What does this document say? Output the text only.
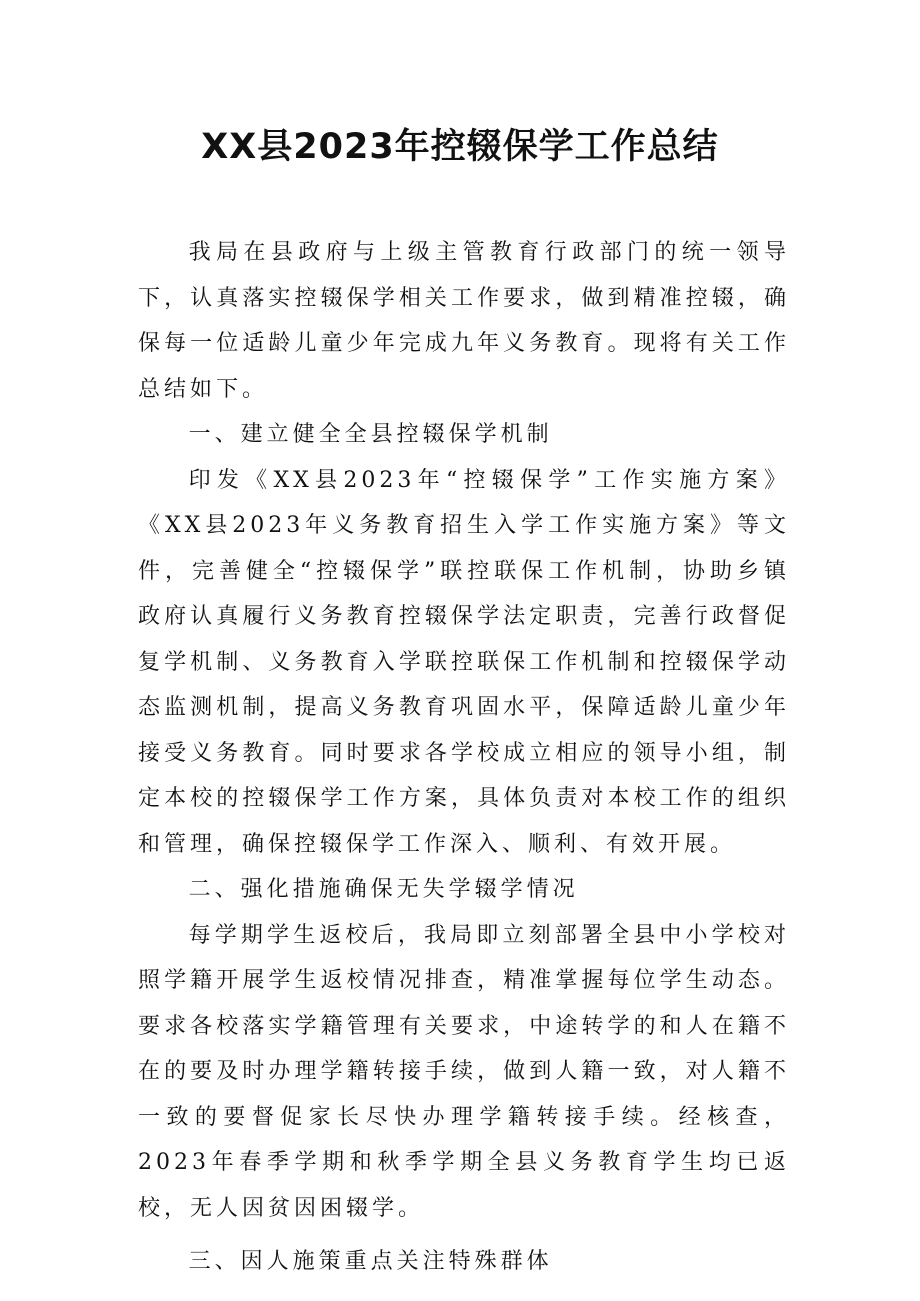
XX县2023年控辍保学工作总结

我局在县政府与上级主管教育行政部门的统一领导下，认真落实控辍保学相关工作要求，做到精准控辍，确保每一位适龄儿童少年完成九年义务教育。现将有关工作总结如下。

一、建立健全全县控辍保学机制

印发《XX县2023年“控辍保学”工作实施方案》《XX县2023年义务教育招生入学工作实施方案》等文件，完善健全“控辍保学”联控联保工作机制，协助乡镇政府认真履行义务教育控辍保学法定职责，完善行政督促复学机制、义务教育入学联控联保工作机制和控辍保学动态监测机制，提高义务教育巩固水平，保障适龄儿童少年接受义务教育。同时要求各学校成立相应的领导小组，制定本校的控辍保学工作方案，具体负责对本校工作的组织和管理，确保控辍保学工作深入、顺利、有效开展。

二、强化措施确保无失学辍学情况

每学期学生返校后，我局即立刻部署全县中小学校对照学籍开展学生返校情况排查，精准掌握每位学生动态。要求各校落实学籍管理有关要求，中途转学的和人在籍不在的要及时办理学籍转接手续，做到人籍一致，对人籍不一致的要督促家长尽快办理学籍转接手续。经核查，2023年春季学期和秋季学期全县义务教育学生均已返校，无人因贫因困辍学。

三、因人施策重点关注特殊群体
